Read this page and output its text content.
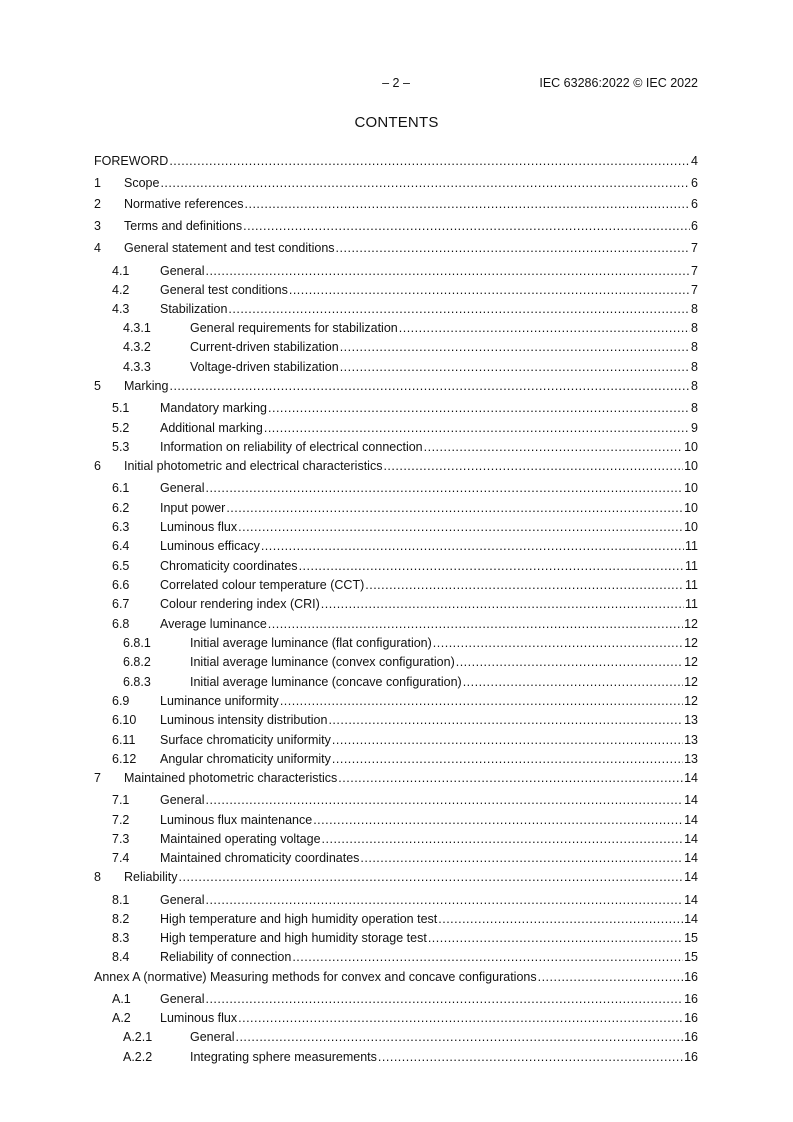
– 2 –	IEC 63286:2022 © IEC 2022
CONTENTS
FOREWORD .....	4
1 Scope .....	6
2 Normative references .....	6
3 Terms and definitions .....	6
4 General statement and test conditions .....	7
4.1 General .....	7
4.2 General test conditions .....	7
4.3 Stabilization .....	8
4.3.1	General requirements for stabilization .....	8
4.3.2	Current-driven stabilization .....	8
4.3.3	Voltage-driven stabilization .....	8
5 Marking .....	8
5.1 Mandatory marking .....	8
5.2 Additional marking .....	9
5.3 Information on reliability of electrical connection .....	10
6 Initial photometric and electrical characteristics .....	10
6.1 General .....	10
6.2 Input power .....	10
6.3 Luminous flux .....	10
6.4 Luminous efficacy .....	11
6.5 Chromaticity coordinates .....	11
6.6 Correlated colour temperature (CCT) .....	11
6.7 Colour rendering index (CRI) .....	11
6.8 Average luminance .....	12
6.8.1	Initial average luminance (flat configuration) .....	12
6.8.2	Initial average luminance (convex configuration) .....	12
6.8.3	Initial average luminance (concave configuration) .....	12
6.9 Luminance uniformity .....	12
6.10 Luminous intensity distribution .....	13
6.11 Surface chromaticity uniformity .....	13
6.12 Angular chromaticity uniformity .....	13
7 Maintained photometric characteristics .....	14
7.1 General .....	14
7.2 Luminous flux maintenance .....	14
7.3 Maintained operating voltage .....	14
7.4 Maintained chromaticity coordinates .....	14
8 Reliability .....	14
8.1 General .....	14
8.2 High temperature and high humidity operation test .....	14
8.3 High temperature and high humidity storage test .....	15
8.4 Reliability of connection .....	15
Annex A (normative) Measuring methods for convex and concave configurations .....	16
A.1 General .....	16
A.2 Luminous flux .....	16
A.2.1	General .....	16
A.2.2	Integrating sphere measurements .....	16
